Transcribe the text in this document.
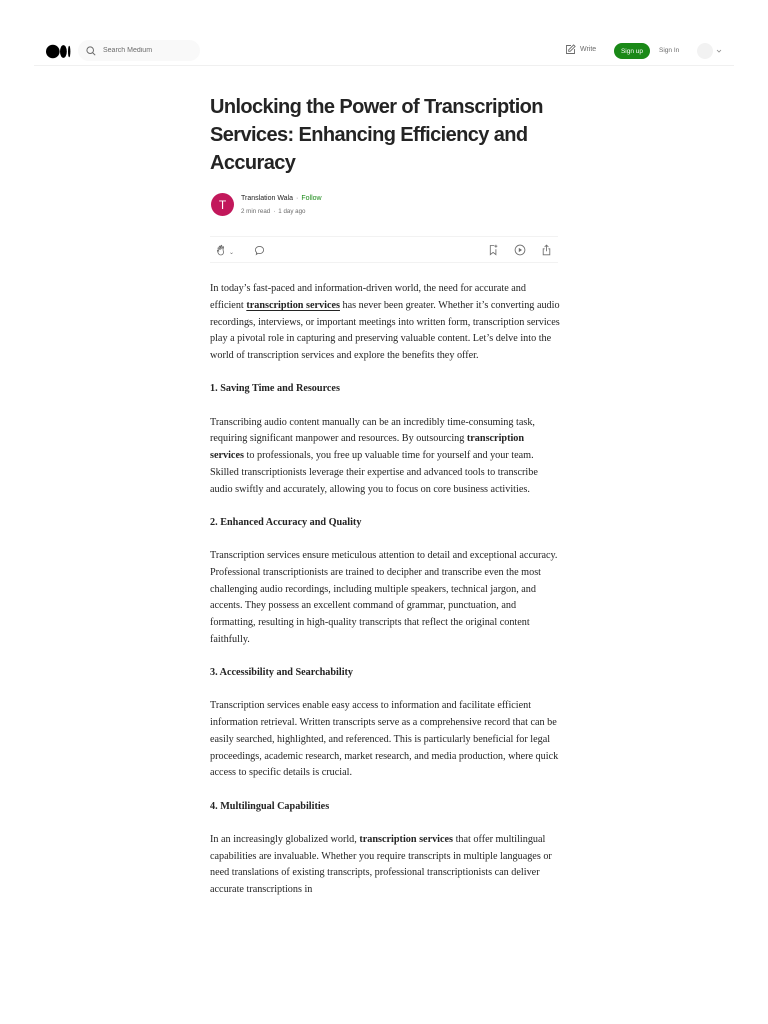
Search Medium
Write	Sign up	Sign In
Unlocking the Power of Transcription Services: Enhancing Efficiency and Accuracy
T	Translation Wala · Follow
2 min read · 1 day ago
⌄

In today’s fast-paced and information-driven world, the need for accurate and efficient transcription services has never been greater. Whether it’s converting audio recordings, interviews, or important meetings into written form, transcription services play a pivotal role in capturing and preserving valuable content. Let’s delve into the world of transcription services and explore the benefits they offer.

1. Saving Time and Resources

Transcribing audio content manually can be an incredibly time-consuming task, requiring significant manpower and resources. By outsourcing transcription services to professionals, you free up valuable time for yourself and your team. Skilled transcriptionists leverage their expertise and advanced tools to transcribe audio swiftly and accurately, allowing you to focus on core business activities.

2. Enhanced Accuracy and Quality

Transcription services ensure meticulous attention to detail and exceptional accuracy. Professional transcriptionists are trained to decipher and transcribe even the most challenging audio recordings, including multiple speakers, technical jargon, and accents. They possess an excellent command of grammar, punctuation, and formatting, resulting in high-quality transcripts that reflect the original content faithfully.

3. Accessibility and Searchability

Transcription services enable easy access to information and facilitate efficient information retrieval. Written transcripts serve as a comprehensive record that can be easily searched, highlighted, and referenced. This is particularly beneficial for legal proceedings, academic research, market research, and media production, where quick access to specific details is crucial.

4. Multilingual Capabilities

In an increasingly globalized world, transcription services that offer multilingual capabilities are invaluable. Whether you require transcripts in multiple languages or need translations of existing transcripts, professional transcriptionists can deliver accurate transcriptions in
